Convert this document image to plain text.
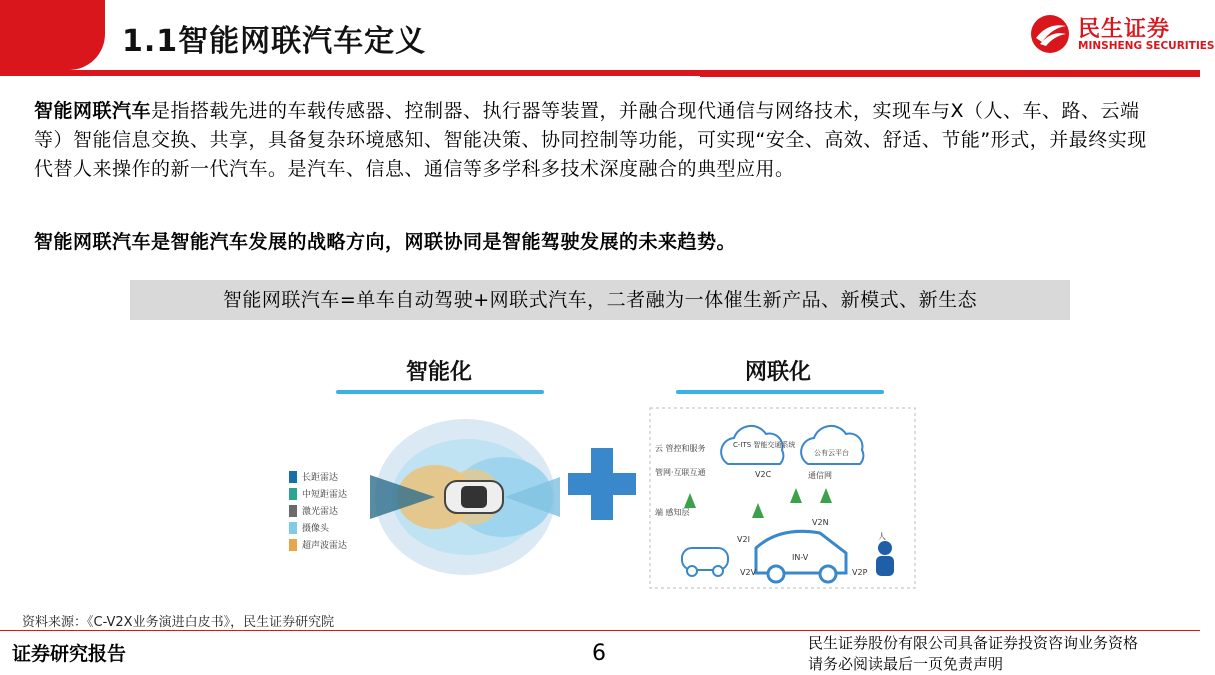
1.1智能网联汽车定义	民生证券
MINSHENG SECURITIES
智能网联汽车是指搭载先进的车载传感器、控制器、执行器等装置，并融合现代通信与网络技术，实现车与X（人、车、路、云端等）智能信息交换、共享，具备复杂环境感知、智能决策、协同控制等功能，可实现“安全、高效、舒适、节能”形式，并最终实现代替人来操作的新一代汽车。是汽车、信息、通信等多学科多技术深度融合的典型应用。
智能网联汽车是智能汽车发展的战略方向，网联协同是智能驾驶发展的未来趋势。
智能网联汽车=单车自动驾驶+网联式汽车，二者融为一体催生新产品、新模式、新生态
智能化
长距雷达
中短距雷达
激光雷达
摄像头
超声波雷达
网联化
云 管控和服务
管网·互联互通
端 感知层
C-ITS 智能交通系统
公有云平台
V2C
V2N
V2I
V2V	V2P
IN-V
通信网
人
资料来源：《C-V2X业务演进白皮书》，民生证券研究院
证券研究报告	6	民生证券股份有限公司具备证券投资咨询业务资格
请务必阅读最后一页免责声明
